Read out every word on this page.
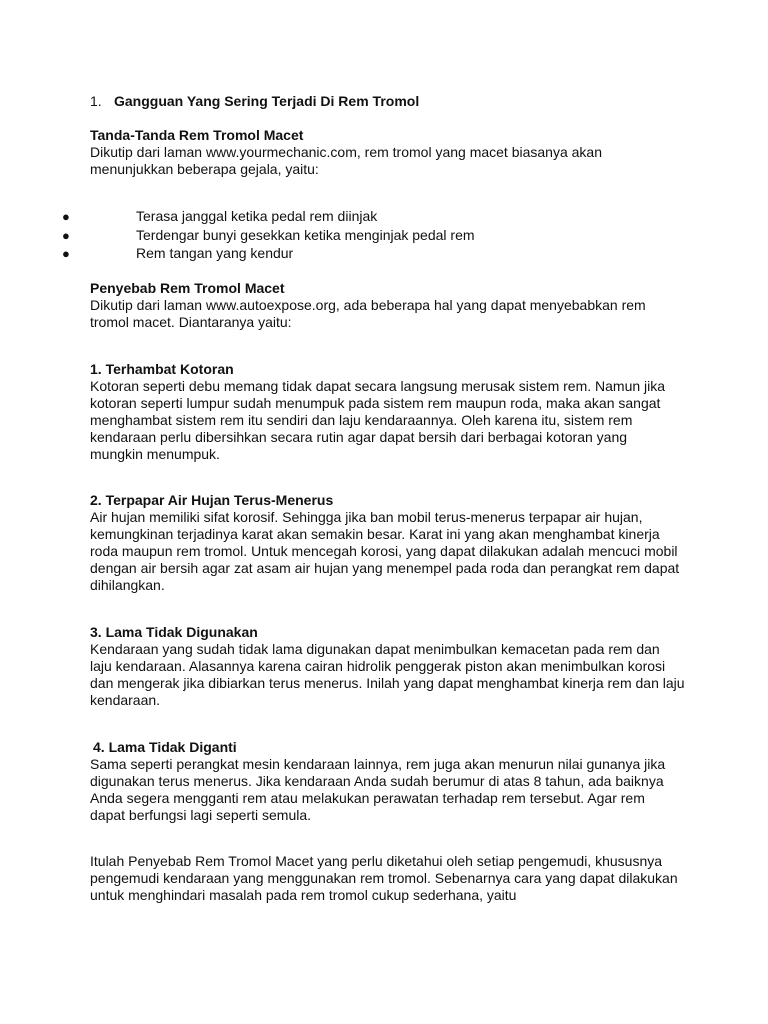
1. Gangguan Yang Sering Terjadi Di Rem Tromol
Tanda-Tanda Rem Tromol Macet

Dikutip dari laman www.yourmechanic.com, rem tromol yang macet biasanya akan menunjukkan beberapa gejala, yaitu:

●	Terasa janggal ketika pedal rem diinjak
●	Terdengar bunyi gesekkan ketika menginjak pedal rem
●	Rem tangan yang kendur
Penyebab Rem Tromol Macet

Dikutip dari laman www.autoexpose.org, ada beberapa hal yang dapat menyebabkan rem tromol macet. Diantaranya yaitu:

1. Terhambat Kotoran

Kotoran seperti debu memang tidak dapat secara langsung merusak sistem rem. Namun jika kotoran seperti lumpur sudah menumpuk pada sistem rem maupun roda, maka akan sangat menghambat sistem rem itu sendiri dan laju kendaraannya. Oleh karena itu, sistem rem kendaraan perlu dibersihkan secara rutin agar dapat bersih dari berbagai kotoran yang mungkin menumpuk.

2. Terpapar Air Hujan Terus-Menerus

Air hujan memiliki sifat korosif. Sehingga jika ban mobil terus-menerus terpapar air hujan, kemungkinan terjadinya karat akan semakin besar. Karat ini yang akan menghambat kinerja roda maupun rem tromol. Untuk mencegah korosi, yang dapat dilakukan adalah mencuci mobil dengan air bersih agar zat asam air hujan yang menempel pada roda dan perangkat rem dapat dihilangkan.

3. Lama Tidak Digunakan

Kendaraan yang sudah tidak lama digunakan dapat menimbulkan kemacetan pada rem dan laju kendaraan. Alasannya karena cairan hidrolik penggerak piston akan menimbulkan korosi dan mengerak jika dibiarkan terus menerus. Inilah yang dapat menghambat kinerja rem dan laju kendaraan.

4. Lama Tidak Diganti

Sama seperti perangkat mesin kendaraan lainnya, rem juga akan menurun nilai gunanya jika digunakan terus menerus. Jika kendaraan Anda sudah berumur di atas 8 tahun, ada baiknya Anda segera mengganti rem atau melakukan perawatan terhadap rem tersebut. Agar rem dapat berfungsi lagi seperti semula.

Itulah Penyebab Rem Tromol Macet yang perlu diketahui oleh setiap pengemudi, khususnya pengemudi kendaraan yang menggunakan rem tromol. Sebenarnya cara yang dapat dilakukan untuk menghindari masalah pada rem tromol cukup sederhana, yaitu
